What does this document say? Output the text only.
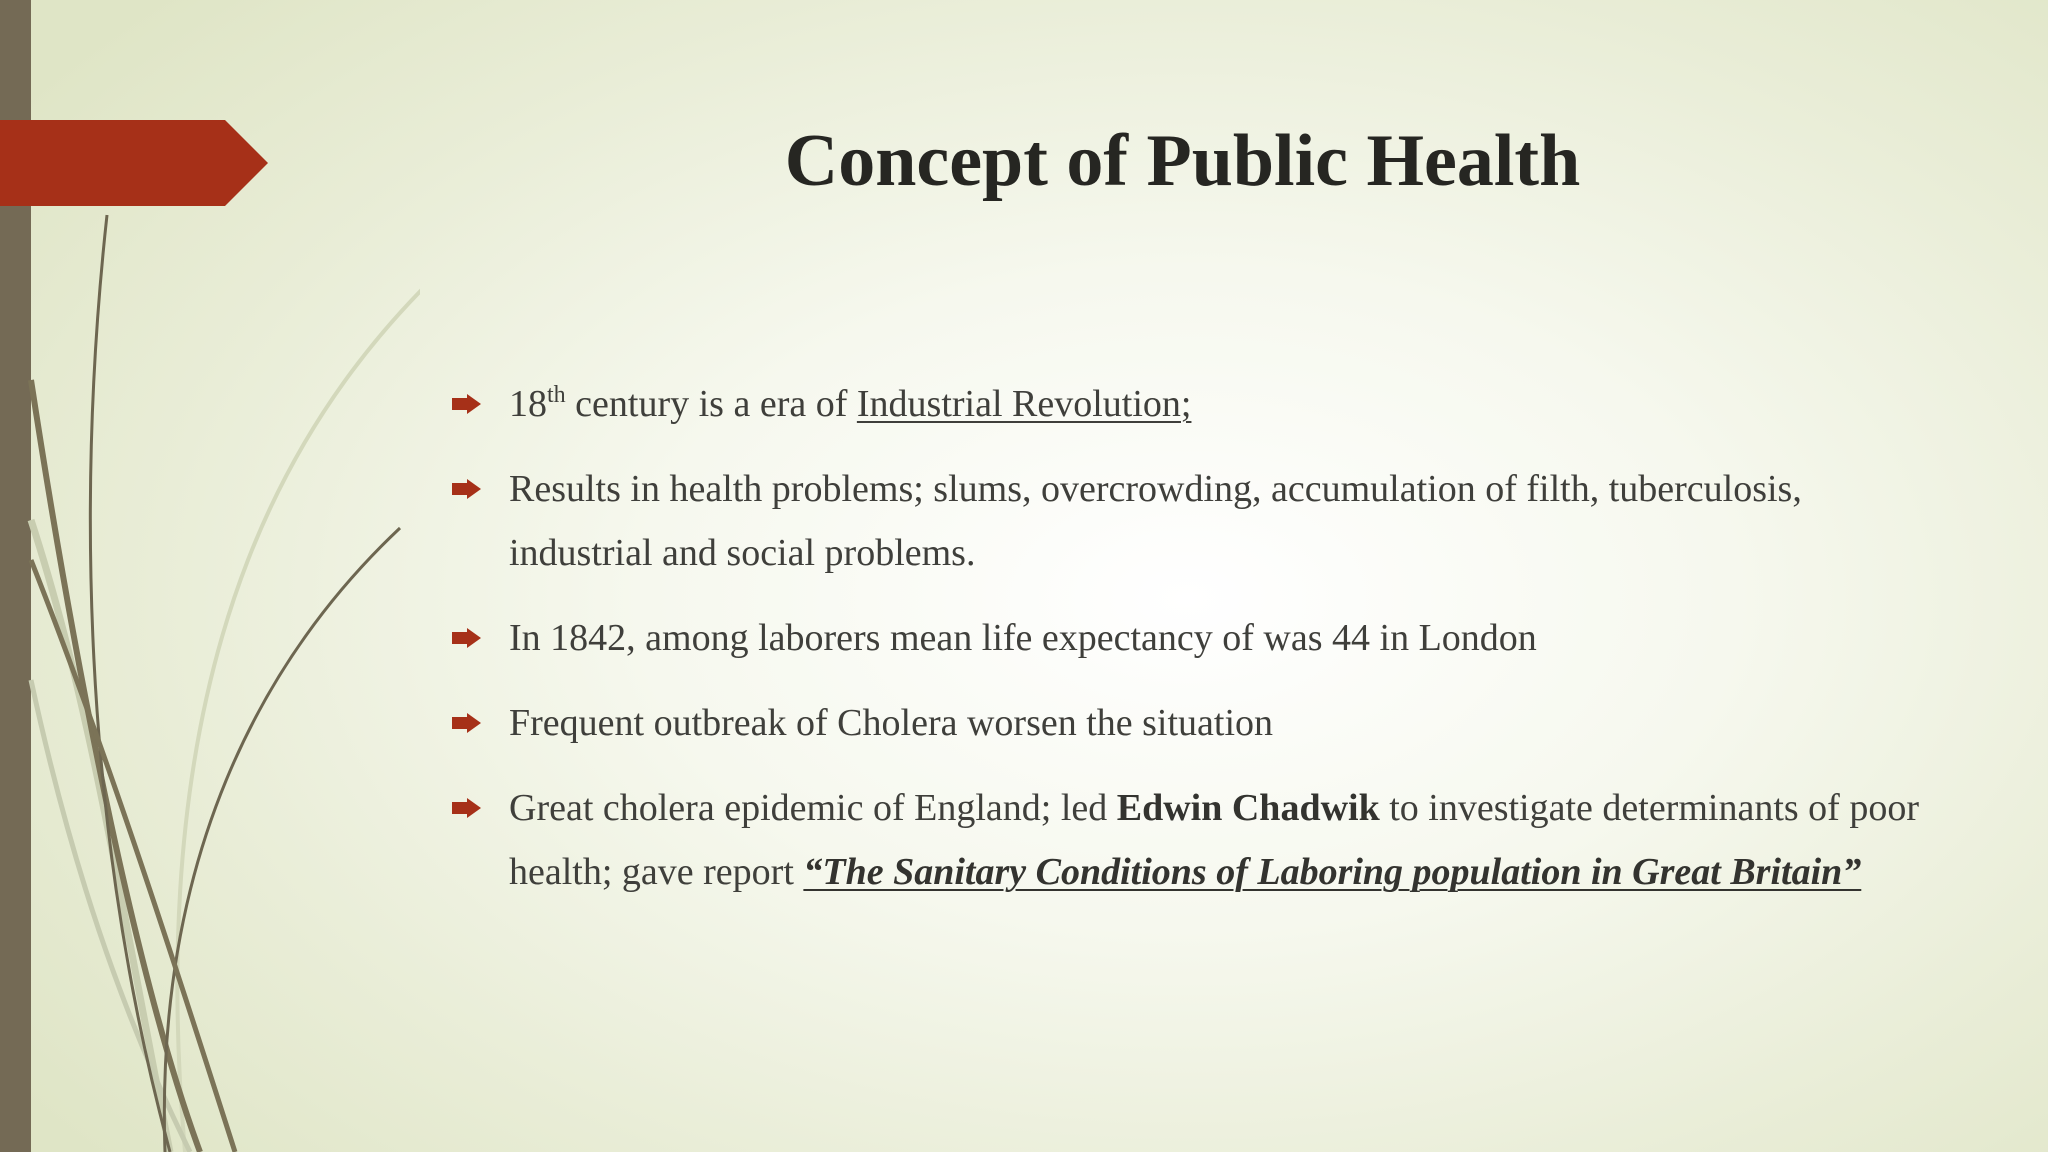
Concept of Public Health
18th century is a era of Industrial Revolution;
Results in health problems; slums, overcrowding, accumulation of filth, tuberculosis, industrial and social problems.
In 1842, among laborers mean life expectancy of was 44 in London
Frequent outbreak of Cholera worsen the situation
Great cholera epidemic of England; led Edwin Chadwik to investigate determinants of poor health; gave report “The Sanitary Conditions of Laboring population in Great Britain”
